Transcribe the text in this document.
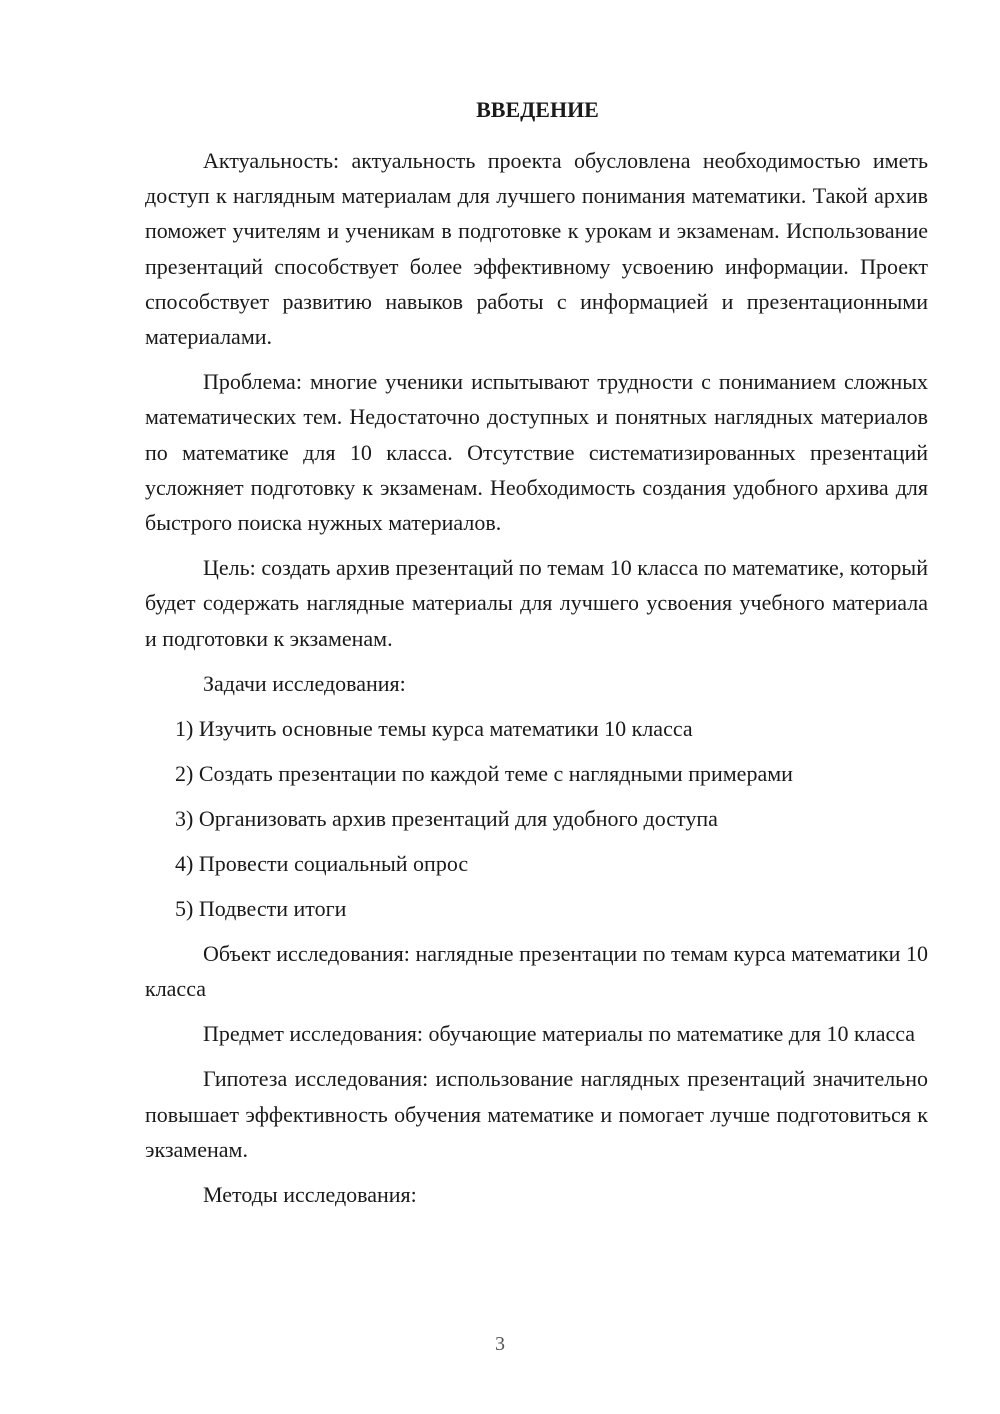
ВВЕДЕНИЕ

Актуальность: актуальность проекта обусловлена необходимостью иметь доступ к наглядным материалам для лучшего понимания математики. Такой архив поможет учителям и ученикам в подготовке к урокам и экзаменам. Использование презентаций способствует более эффективному усвоению информации. Проект способствует развитию навыков работы с информацией и презентационными материалами.

Проблема: многие ученики испытывают трудности с пониманием сложных математических тем. Недостаточно доступных и понятных наглядных материалов по математике для 10 класса. Отсутствие систематизированных презентаций усложняет подготовку к экзаменам. Необходимость создания удобного архива для быстрого поиска нужных материалов.

Цель: создать архив презентаций по темам 10 класса по математике, который будет содержать наглядные материалы для лучшего усвоения учебного материала и подготовки к экзаменам.

Задачи исследования:

1) Изучить основные темы курса математики 10 класса

2) Создать презентации по каждой теме с наглядными примерами

3) Организовать архив презентаций для удобного доступа

4) Провести социальный опрос

5) Подвести итоги

Объект исследования: наглядные презентации по темам курса математики 10 класса

Предмет исследования: обучающие материалы по математике для 10 класса

Гипотеза исследования: использование наглядных презентаций значительно повышает эффективность обучения математике и помогает лучше подготовиться к экзаменам.

Методы исследования:

3
